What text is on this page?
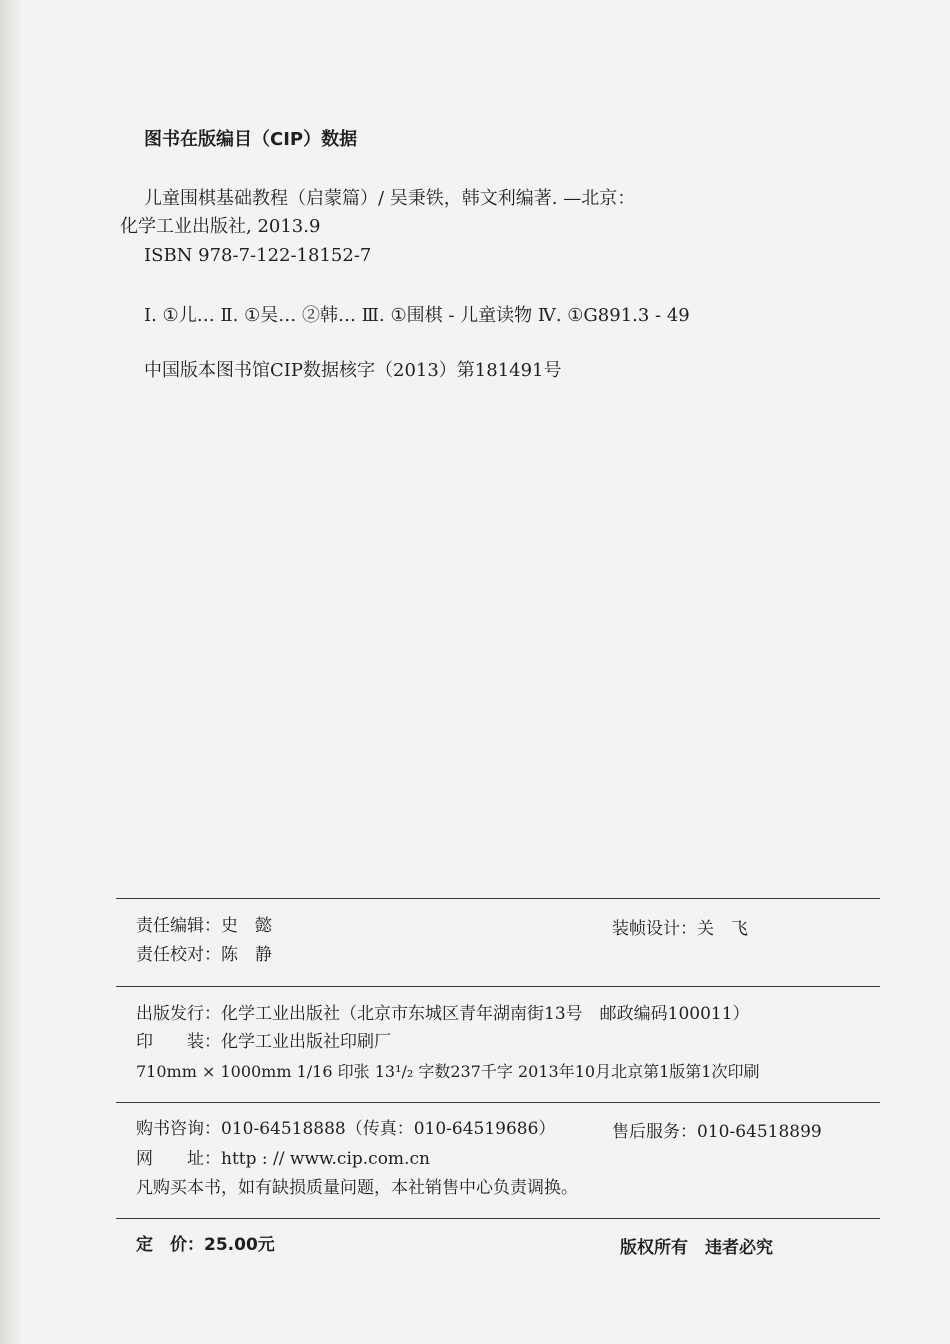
图书在版编目（CIP）数据
儿童围棋基础教程（启蒙篇）/ 吴秉铁，韩文利编著. —北京：
化学工业出版社, 2013.9
ISBN 978-7-122-18152-7
Ⅰ. ①儿… Ⅱ. ①吴… ②韩… Ⅲ. ①围棋 - 儿童读物 Ⅳ. ①G891.3 - 49
中国版本图书馆CIP数据核字（2013）第181491号
责任编辑：史　懿
责任校对：陈　静
装帧设计：关　飞
出版发行：化学工业出版社（北京市东城区青年湖南街13号　邮政编码100011）
印　　装：化学工业出版社印刷厂
710mm × 1000mm 1/16 印张 13¹/₂ 字数237千字 2013年10月北京第1版第1次印刷
购书咨询：010-64518888（传真：010-64519686）	售后服务：010-64518899
网　　址：http : // www.cip.com.cn
凡购买本书，如有缺损质量问题，本社销售中心负责调换。
定　价：25.00元	版权所有　违者必究
